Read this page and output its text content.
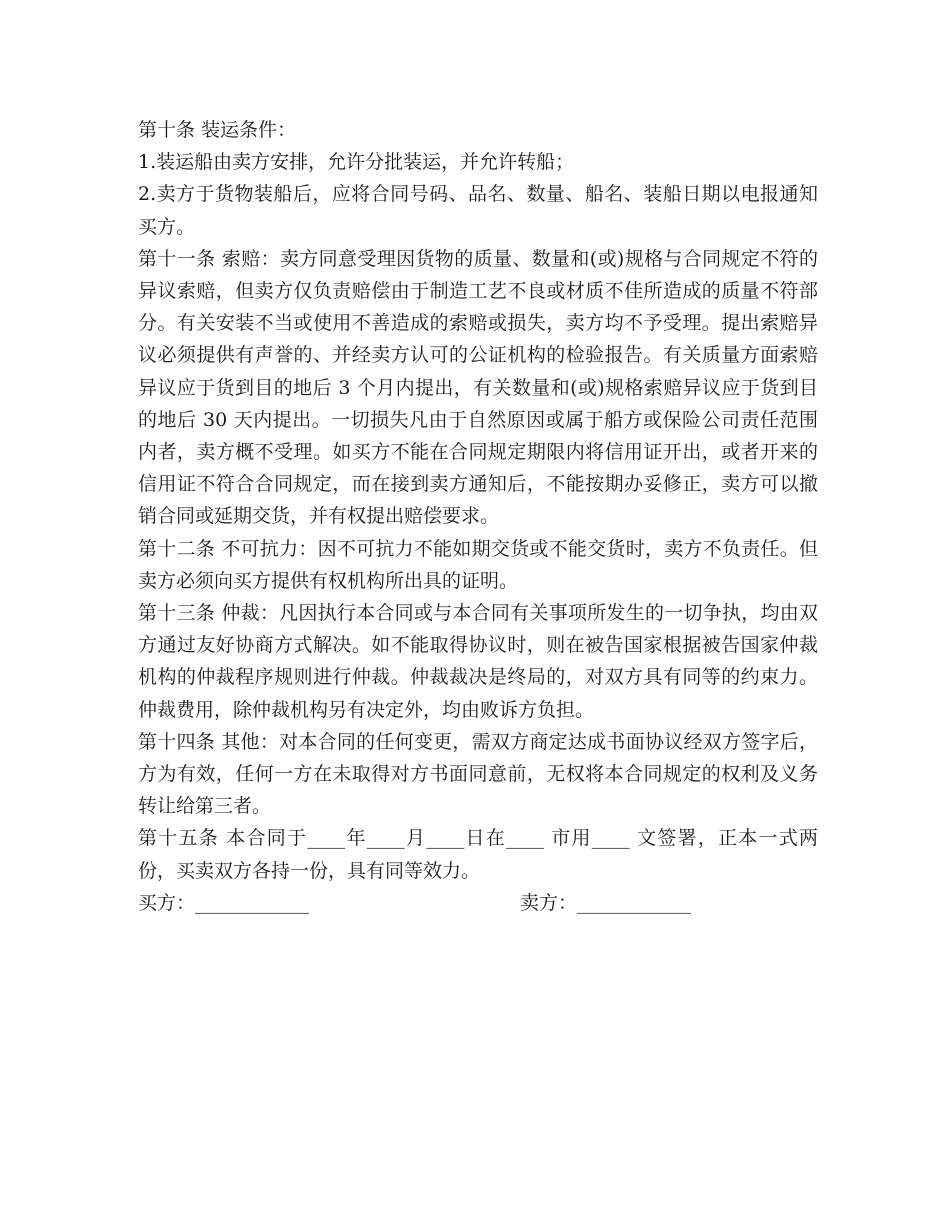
第十条 装运条件：

1.装运船由卖方安排，允许分批装运，并允许转船；

2.卖方于货物装船后，应将合同号码、品名、数量、船名、装船日期以电报通知买方。

第十一条 索赔：卖方同意受理因货物的质量、数量和(或)规格与合同规定不符的异议索赔，但卖方仅负责赔偿由于制造工艺不良或材质不佳所造成的质量不符部分。有关安装不当或使用不善造成的索赔或损失，卖方均不予受理。提出索赔异议必须提供有声誉的、并经卖方认可的公证机构的检验报告。有关质量方面索赔异议应于货到目的地后 3 个月内提出，有关数量和(或)规格索赔异议应于货到目的地后 30 天内提出。一切损失凡由于自然原因或属于船方或保险公司责任范围内者，卖方概不受理。如买方不能在合同规定期限内将信用证开出，或者开来的信用证不符合合同规定，而在接到卖方通知后，不能按期办妥修正，卖方可以撤销合同或延期交货，并有权提出赔偿要求。

第十二条 不可抗力：因不可抗力不能如期交货或不能交货时，卖方不负责任。但卖方必须向买方提供有权机构所出具的证明。

第十三条 仲裁：凡因执行本合同或与本合同有关事项所发生的一切争执，均由双方通过友好协商方式解决。如不能取得协议时，则在被告国家根据被告国家仲裁机构的仲裁程序规则进行仲裁。仲裁裁决是终局的，对双方具有同等的约束力。仲裁费用，除仲裁机构另有决定外，均由败诉方负担。

第十四条 其他：对本合同的任何变更，需双方商定达成书面协议经双方签字后，方为有效，任何一方在未取得对方书面同意前，无权将本合同规定的权利及义务转让给第三者。

第十五条 本合同于____年____月____日在____ 市用____ 文签署，正本一式两份，买卖双方各持一份，具有同等效力。

买方：____________	卖方：____________
